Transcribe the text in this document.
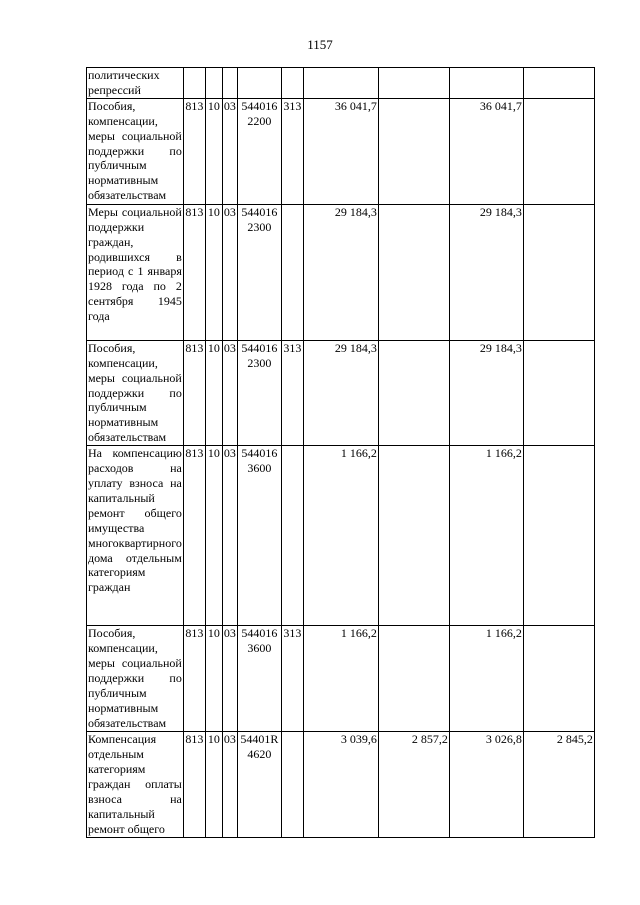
1157
политических репрессий									
Пособия, компенсации, меры социальной поддержки по публичным нормативным обязательствам	813	10	03	5440162200	313	36 041,7		36 041,7	
Меры социальной поддержки граждан, родившихся в период с 1 января 1928 года по 2 сентября 1945 года	813	10	03	5440162300		29 184,3		29 184,3	
Пособия, компенсации, меры социальной поддержки по публичным нормативным обязательствам	813	10	03	5440162300	313	29 184,3		29 184,3	
На компенсацию расходов на уплату взноса на капитальный ремонт общего имущества многоквартирного дома отдельным категориям граждан	813	10	03	5440163600		1 166,2		1 166,2	
Пособия, компенсации, меры социальной поддержки по публичным нормативным обязательствам	813	10	03	5440163600	313	1 166,2		1 166,2	
Компенсация отдельным категориям граждан оплаты взноса на капитальный ремонт общего	813	10	03	54401R4620		3 039,6	2 857,2	3 026,8	2 845,2
